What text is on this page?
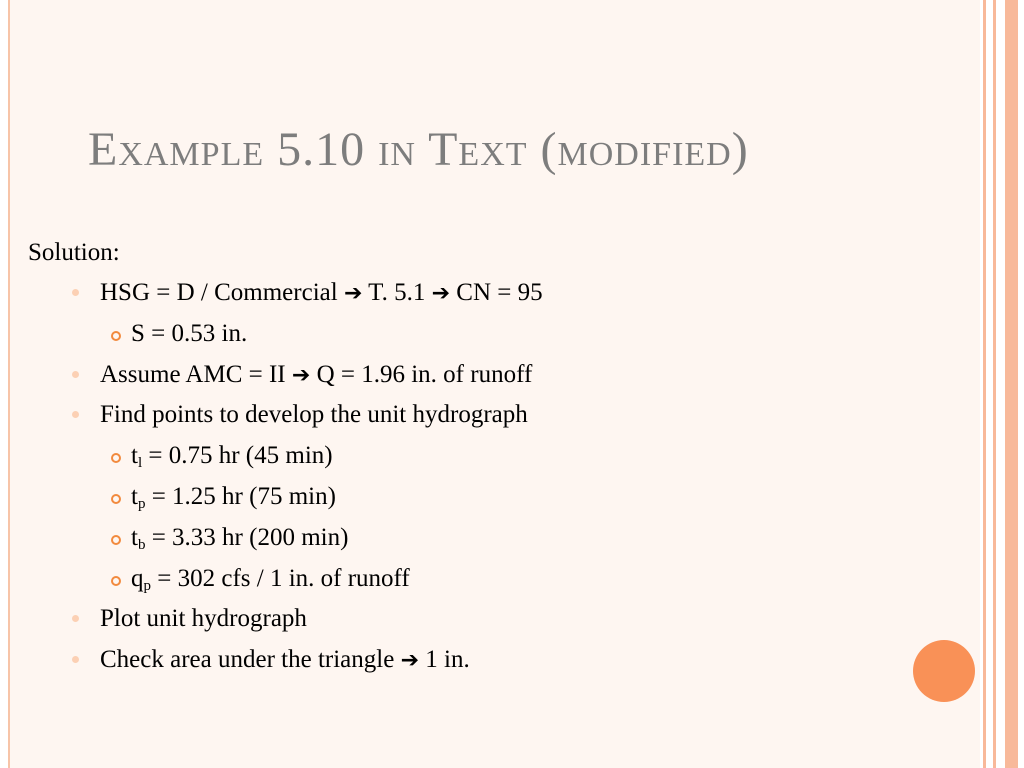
Example 5.10 in Text (modified)
Solution:
HSG = D / Commercial ➔ T. 5.1 ➔ CN = 95
S = 0.53 in.
Assume AMC = II ➔ Q = 1.96 in. of runoff
Find points to develop the unit hydrograph
$t_l = 0.75$ hr (45 min)
$t_p = 1.25$ hr (75 min)
$t_b = 3.33$ hr (200 min)
$q_p = 302$ cfs / 1 in. of runoff
Plot unit hydrograph
Check area under the triangle ➔ 1 in.
